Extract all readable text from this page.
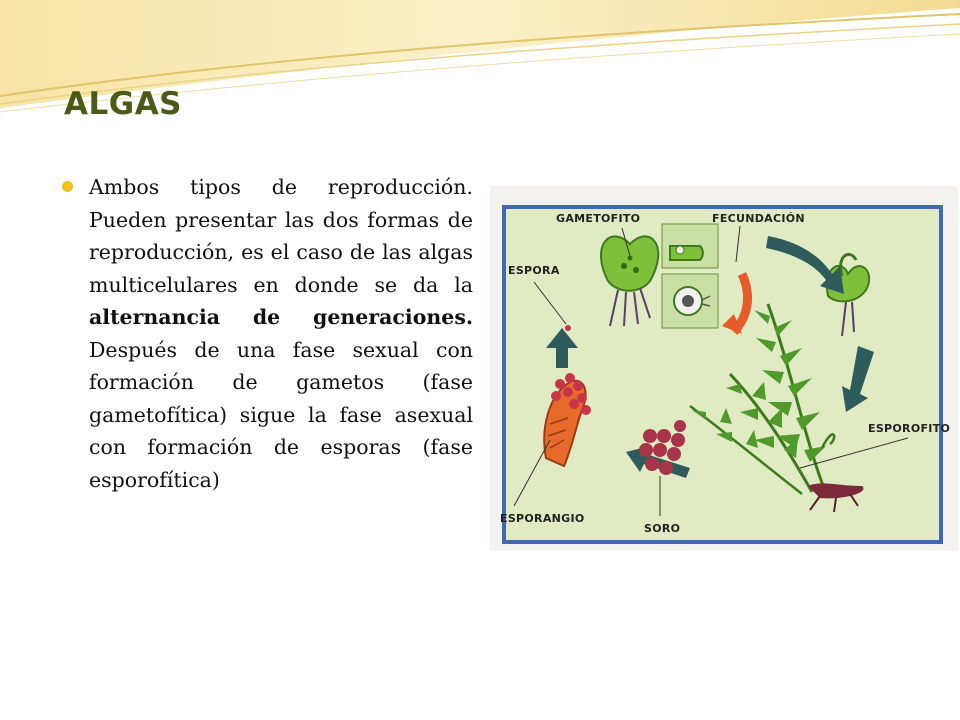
ALGAS

Ambos tipos de reproducción. Pueden presentar las dos formas de reproducción, es el caso de las algas multicelulares en donde se da la alternancia de generaciones. Después de una fase sexual con formación de gametos (fase gametofítica) sigue la fase asexual con formación de esporas (fase esporofítica)

GAMETOFITO	FECUNDACIÓN
ESPORA
ESPOROFITO
ESPORANGIO
SORO
